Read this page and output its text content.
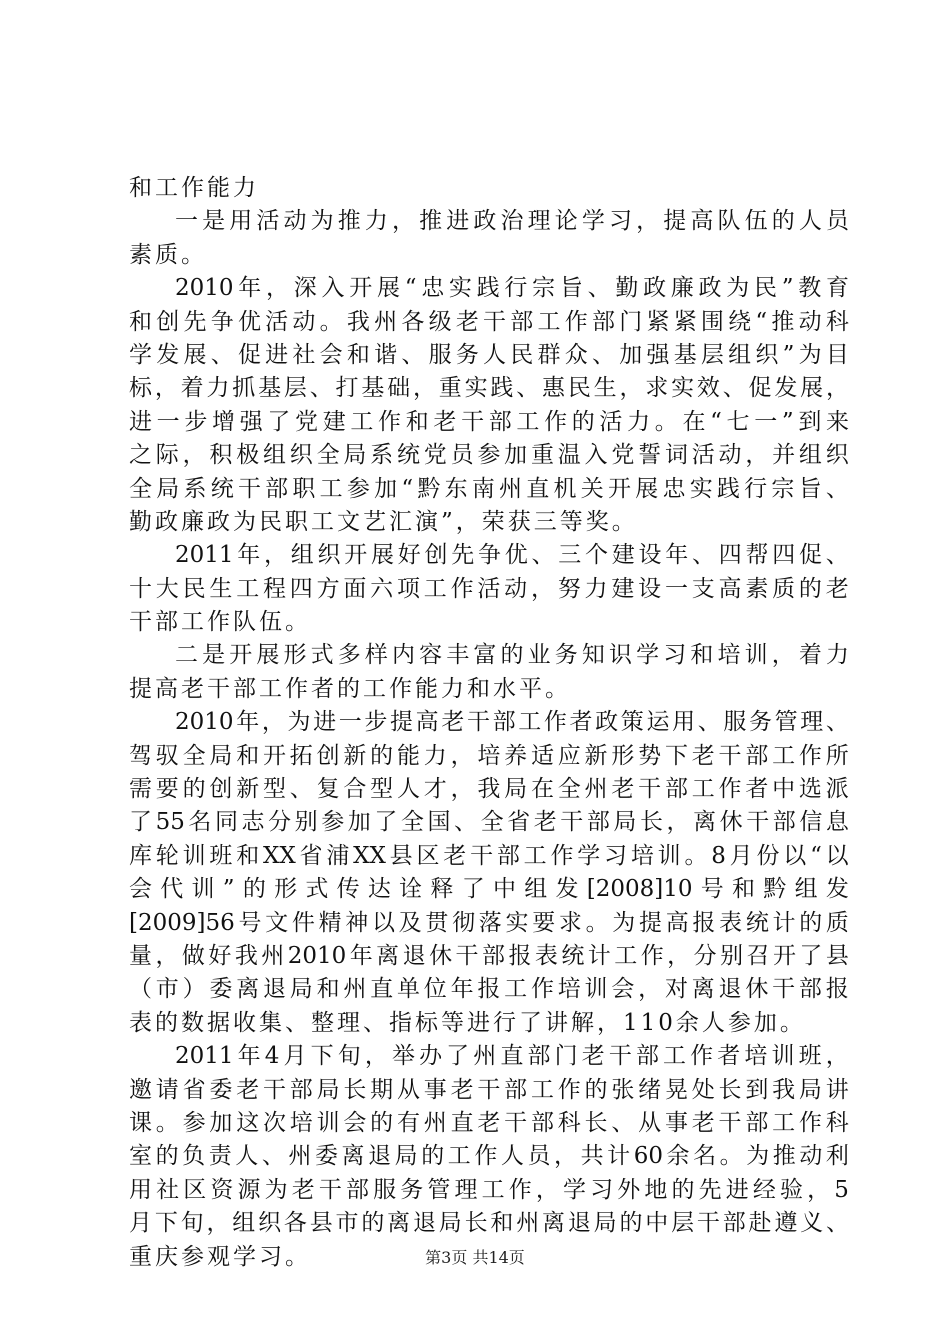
和工作能力
一 是 用 活 动 为 推 力 ， 推 进 政 治 理 论 学 习 ， 提 高 队 伍 的 人 员
素质。
2010 年 ， 深 入 开 展 “ 忠 实 践 行 宗 旨 、 勤 政 廉 政 为 民 ” 教 育
和 创 先 争 优 活 动 。 我 州 各 级 老 干 部 工 作 部 门 紧 紧 围 绕 “ 推 动 科
学 发 展 、 促 进 社 会 和 谐 、 服 务 人 民 群 众 、 加 强 基 层 组 织 ” 为 目
标 ， 着 力 抓 基 层 、 打 基 础 ， 重 实 践 、 惠 民 生 ， 求 实 效 、 促 发 展 ，
进 一 步 增 强 了 党 建 工 作 和 老 干 部 工 作 的 活 力 。 在 “ 七 一 ” 到 来
之 际 ， 积 极 组 织 全 局 系 统 党 员 参 加 重 温 入 党 誓 词 活 动 ， 并 组 织
全 局 系 统 干 部 职 工 参 加 “ 黔 东 南 州 直 机 关 开 展 忠 实 践 行 宗 旨 、
勤政廉政为民职工文艺汇演”，荣获三等奖。
2011 年 ， 组 织 开 展 好 创 先 争 优 、 三 个 建 设 年 、 四 帮 四 促 、
十 大 民 生 工 程 四 方 面 六 项 工 作 活 动 ， 努 力 建 设 一 支 高 素 质 的 老
干部工作队伍。
二 是 开 展 形 式 多 样 内 容 丰 富 的 业 务 知 识 学 习 和 培 训 ， 着 力
提高老干部工作者的工作能力和水平。
2010 年 ， 为 进 一 步 提 高 老 干 部 工 作 者 政 策 运 用 、 服 务 管 理 、
驾 驭 全 局 和 开 拓 创 新 的 能 力 ， 培 养 适 应 新 形 势 下 老 干 部 工 作 所
需 要 的 创 新 型 、 复 合 型 人 才 ， 我 局 在 全 州 老 干 部 工 作 者 中 选 派
了 55 名 同 志 分 别 参 加 了 全 国 、 全 省 老 干 部 局 长 ， 离 休 干 部 信 息
库 轮 训 班 和 XX 省 浦 XX 县 区 老 干 部 工 作 学 习 培 训 。 8 月 份 以 “ 以
会 代 训 ” 的 形 式 传 达 诠 释 了 中 组 发 [2008]10 号 和 黔 组 发
[2009]56 号 文 件 精 神 以 及 贯 彻 落 实 要 求 。 为 提 高 报 表 统 计 的 质
量 ， 做 好 我 州 2010 年 离 退 休 干 部 报 表 统 计 工 作 ， 分 别 召 开 了 县
（ 市 ） 委 离 退 局 和 州 直 单 位 年 报 工 作 培 训 会 ， 对 离 退 休 干 部 报
表的数据收集、整理、指标等进行了讲解，110余人参加。
2011 年 4 月 下 旬 ， 举 办 了 州 直 部 门 老 干 部 工 作 者 培 训 班 ，
邀 请 省 委 老 干 部 局 长 期 从 事 老 干 部 工 作 的 张 绪 晃 处 长 到 我 局 讲
课 。 参 加 这 次 培 训 会 的 有 州 直 老 干 部 科 长 、 从 事 老 干 部 工 作 科
室 的 负 责 人 、 州 委 离 退 局 的 工 作 人 员 ， 共 计 60 余 名 。 为 推 动 利
用 社 区 资 源 为 老 干 部 服 务 管 理 工 作 ， 学 习 外 地 的 先 进 经 验 ， 5
月 下 旬 ， 组 织 各 县 市 的 离 退 局 长 和 州 离 退 局 的 中 层 干 部 赴 遵 义 、
重庆参观学习。	第3页 共14页
